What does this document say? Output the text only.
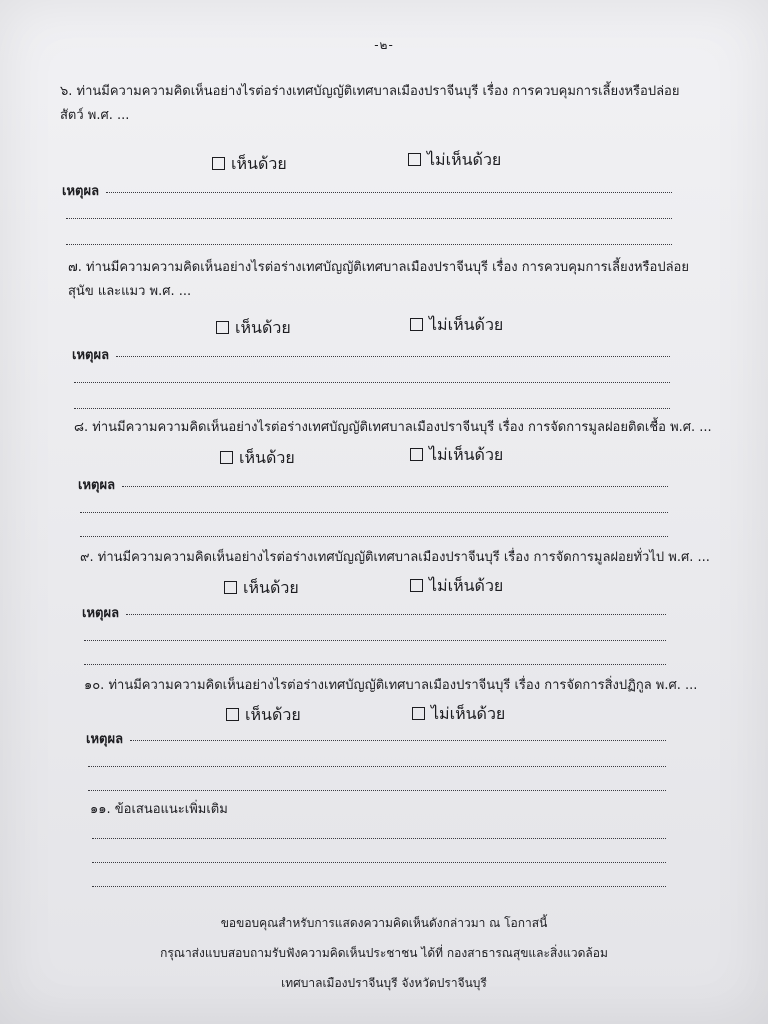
-๒-
๖. ท่านมีความความคิดเห็นอย่างไรต่อร่างเทศบัญญัติเทศบาลเมืองปราจีนบุรี เรื่อง การควบคุมการเลี้ยงหรือปล่อย
สัตว์ พ.ศ. ...
เห็นด้วย	ไม่เห็นด้วย
เหตุผล
๗. ท่านมีความความคิดเห็นอย่างไรต่อร่างเทศบัญญัติเทศบาลเมืองปราจีนบุรี เรื่อง การควบคุมการเลี้ยงหรือปล่อย
สุนัข และแมว พ.ศ. ...
เห็นด้วย	ไม่เห็นด้วย
เหตุผล
๘. ท่านมีความความคิดเห็นอย่างไรต่อร่างเทศบัญญัติเทศบาลเมืองปราจีนบุรี เรื่อง การจัดการมูลฝอยติดเชื้อ พ.ศ. ...
เห็นด้วย	ไม่เห็นด้วย
เหตุผล
๙. ท่านมีความความคิดเห็นอย่างไรต่อร่างเทศบัญญัติเทศบาลเมืองปราจีนบุรี เรื่อง การจัดการมูลฝอยทั่วไป พ.ศ. ...
เห็นด้วย	ไม่เห็นด้วย
เหตุผล
๑๐. ท่านมีความความคิดเห็นอย่างไรต่อร่างเทศบัญญัติเทศบาลเมืองปราจีนบุรี เรื่อง การจัดการสิ่งปฏิกูล พ.ศ. ...
เห็นด้วย	ไม่เห็นด้วย
เหตุผล
๑๑. ข้อเสนอแนะเพิ่มเติม
ขอขอบคุณสำหรับการแสดงความคิดเห็นดังกล่าวมา ณ โอกาสนี้
กรุณาส่งแบบสอบถามรับฟังความคิดเห็นประชาชน ได้ที่ กองสาธารณสุขและสิ่งแวดล้อม
เทศบาลเมืองปราจีนบุรี จังหวัดปราจีนบุรี
